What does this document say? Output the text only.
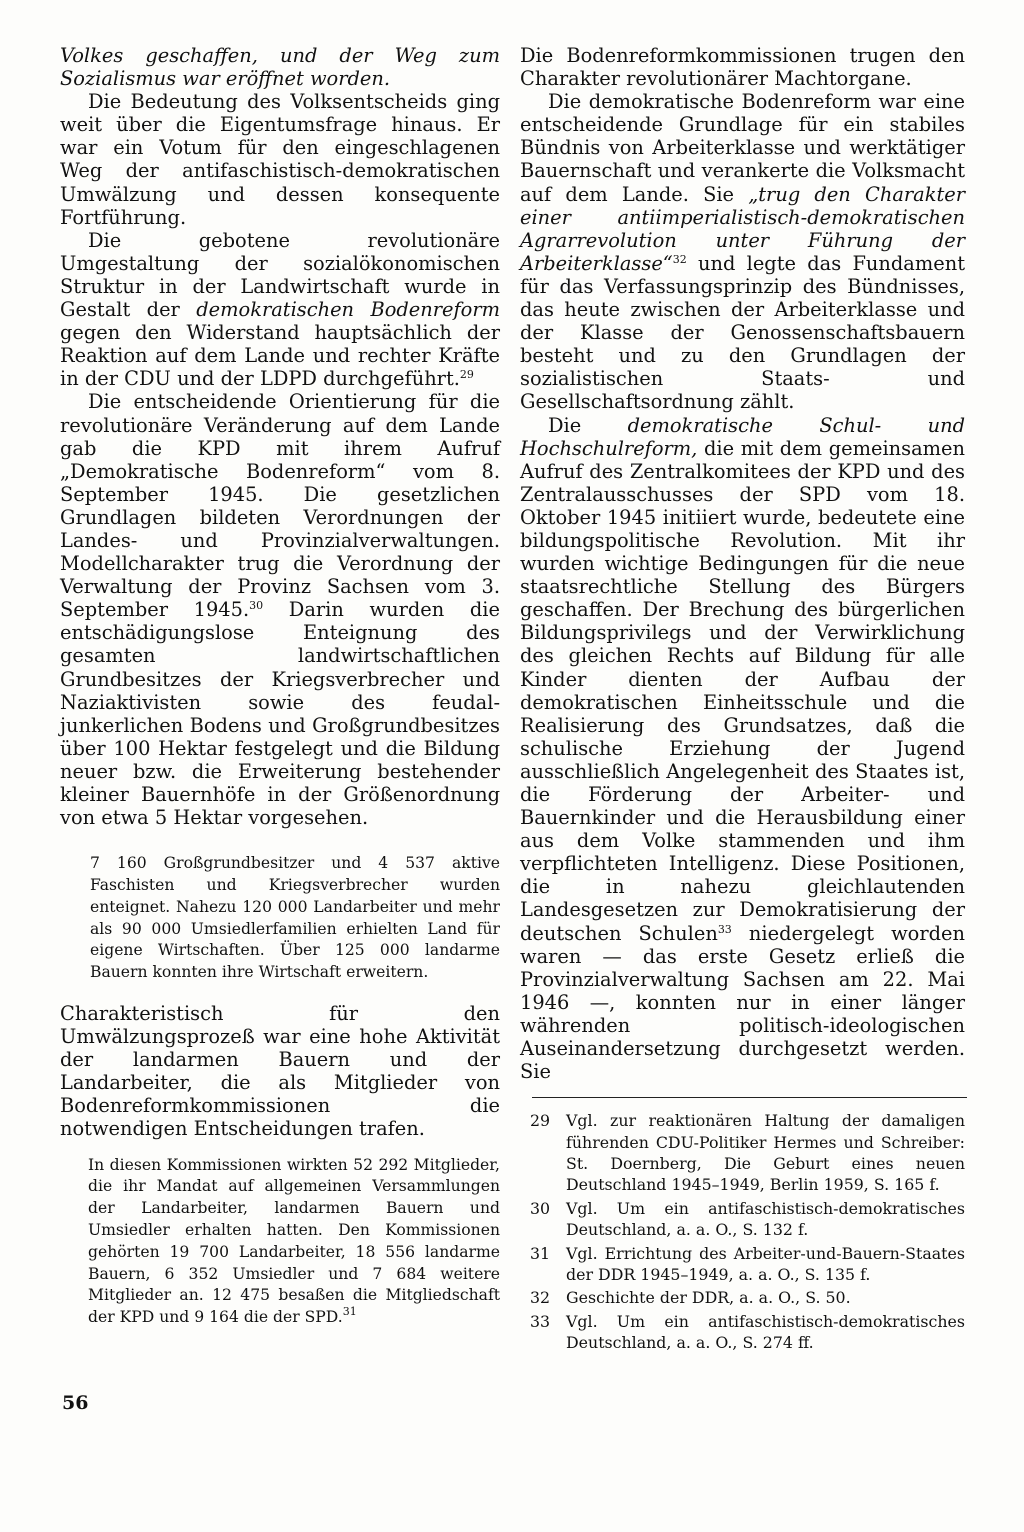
Volkes geschaffen, und der Weg zum Sozialismus war eröffnet worden.

Die Bedeutung des Volksentscheids ging weit über die Eigentumsfrage hinaus. Er war ein Votum für den eingeschlagenen Weg der antifaschistisch-demokratischen Umwälzung und dessen konsequente Fortführung.

Die gebotene revolutionäre Umgestaltung der sozialökonomischen Struktur in der Landwirtschaft wurde in Gestalt der demokratischen Bodenreform gegen den Widerstand hauptsächlich der Reaktion auf dem Lande und rechter Kräfte in der CDU und der LDPD durchgeführt.$^{29}$

Die entscheidende Orientierung für die revolutionäre Veränderung auf dem Lande gab die KPD mit ihrem Aufruf „Demokratische Bodenreform“ vom 8. September 1945. Die gesetzlichen Grundlagen bildeten Verordnungen der Landes- und Provinzialverwaltungen. Modellcharakter trug die Verordnung der Verwaltung der Provinz Sachsen vom 3. September 1945.30 Darin wurden die entschädigungslose Enteignung des gesamten landwirtschaftlichen Grundbesitzes der Kriegsverbrecher und Naziaktivisten sowie des feudal-junkerlichen Bodens und Großgrundbesitzes über 100 Hektar festgelegt und die Bildung neuer bzw. die Erweiterung bestehender kleiner Bauernhöfe in der Größenordnung von etwa 5 Hektar vorgesehen.

7 160 Großgrundbesitzer und 4 537 aktive Faschisten und Kriegsverbrecher wurden enteignet. Nahezu 120 000 Landarbeiter und mehr als 90 000 Umsiedlerfamilien erhielten Land für eigene Wirtschaften. Über 125 000 landarme Bauern konnten ihre Wirtschaft erweitern.

Charakteristisch für den Umwälzungsprozeß war eine hohe Aktivität der landarmen Bauern und der Landarbeiter, die als Mitglieder von Bodenreformkommissionen die notwendigen Entscheidungen trafen.

In diesen Kommissionen wirkten 52 292 Mitglieder, die ihr Mandat auf allgemeinen Versammlungen der Landarbeiter, landarmen Bauern und Umsiedler erhalten hatten. Den Kommissionen gehörten 19 700 Landarbeiter, 18 556 landarme Bauern, 6 352 Umsiedler und 7 684 weitere Mitglieder an. 12 475 besaßen die Mitgliedschaft der KPD und 9 164 die der SPD.$^{31}$

Die Bodenreformkommissionen trugen den Charakter revolutionärer Machtorgane.

Die demokratische Bodenreform war eine entscheidende Grundlage für ein stabiles Bündnis von Arbeiterklasse und werktätiger Bauernschaft und verankerte die Volksmacht auf dem Lande. Sie „trug den Charakter einer antiimperialistisch-demokratischen Agrarrevolution unter Führung der Arbeiterklasse“$^{32}$ und legte das Fundament für das Verfassungsprinzip des Bündnisses, das heute zwischen der Arbeiterklasse und der Klasse der Genossenschaftsbauern besteht und zu den Grundlagen der sozialistischen Staats- und Gesellschaftsordnung zählt.

Die demokratische Schul- und Hochschulreform, die mit dem gemeinsamen Aufruf des Zentralkomitees der KPD und des Zentralausschusses der SPD vom 18. Oktober 1945 initiiert wurde, bedeutete eine bildungspolitische Revolution. Mit ihr wurden wichtige Bedingungen für die neue staatsrechtliche Stellung des Bürgers geschaffen. Der Brechung des bürgerlichen Bildungsprivilegs und der Verwirklichung des gleichen Rechts auf Bildung für alle Kinder dienten der Aufbau der demokratischen Einheitsschule und die Realisierung des Grundsatzes, daß die schulische Erziehung der Jugend ausschließlich Angelegenheit des Staates ist, die Förderung der Arbeiter- und Bauernkinder und die Herausbildung einer aus dem Volke stammenden und ihm verpflichteten Intelligenz. Diese Positionen, die in nahezu gleichlautenden Landesgesetzen zur Demokratisierung der deutschen Schulen$^{33}$ niedergelegt worden waren — das erste Gesetz erließ die Provinzialverwaltung Sachsen am 22. Mai 1946 —, konnten nur in einer länger währenden politisch-ideologischen Auseinandersetzung durchgesetzt werden. Sie

29	Vgl. zur reaktionären Haltung der damaligen führenden CDU-Politiker Hermes und Schreiber: St. Doernberg, Die Geburt eines neuen Deutschland 1945–1949, Berlin 1959, S. 165 f.
30	Vgl. Um ein antifaschistisch-demokratisches Deutschland, a. a. O., S. 132 f.
31	Vgl. Errichtung des Arbeiter-und-Bauern-Staates der DDR 1945–1949, a. a. O., S. 135 f.
32	Geschichte der DDR, a. a. O., S. 50.
33	Vgl. Um ein antifaschistisch-demokratisches Deutschland, a. a. O., S. 274 ff.
56
